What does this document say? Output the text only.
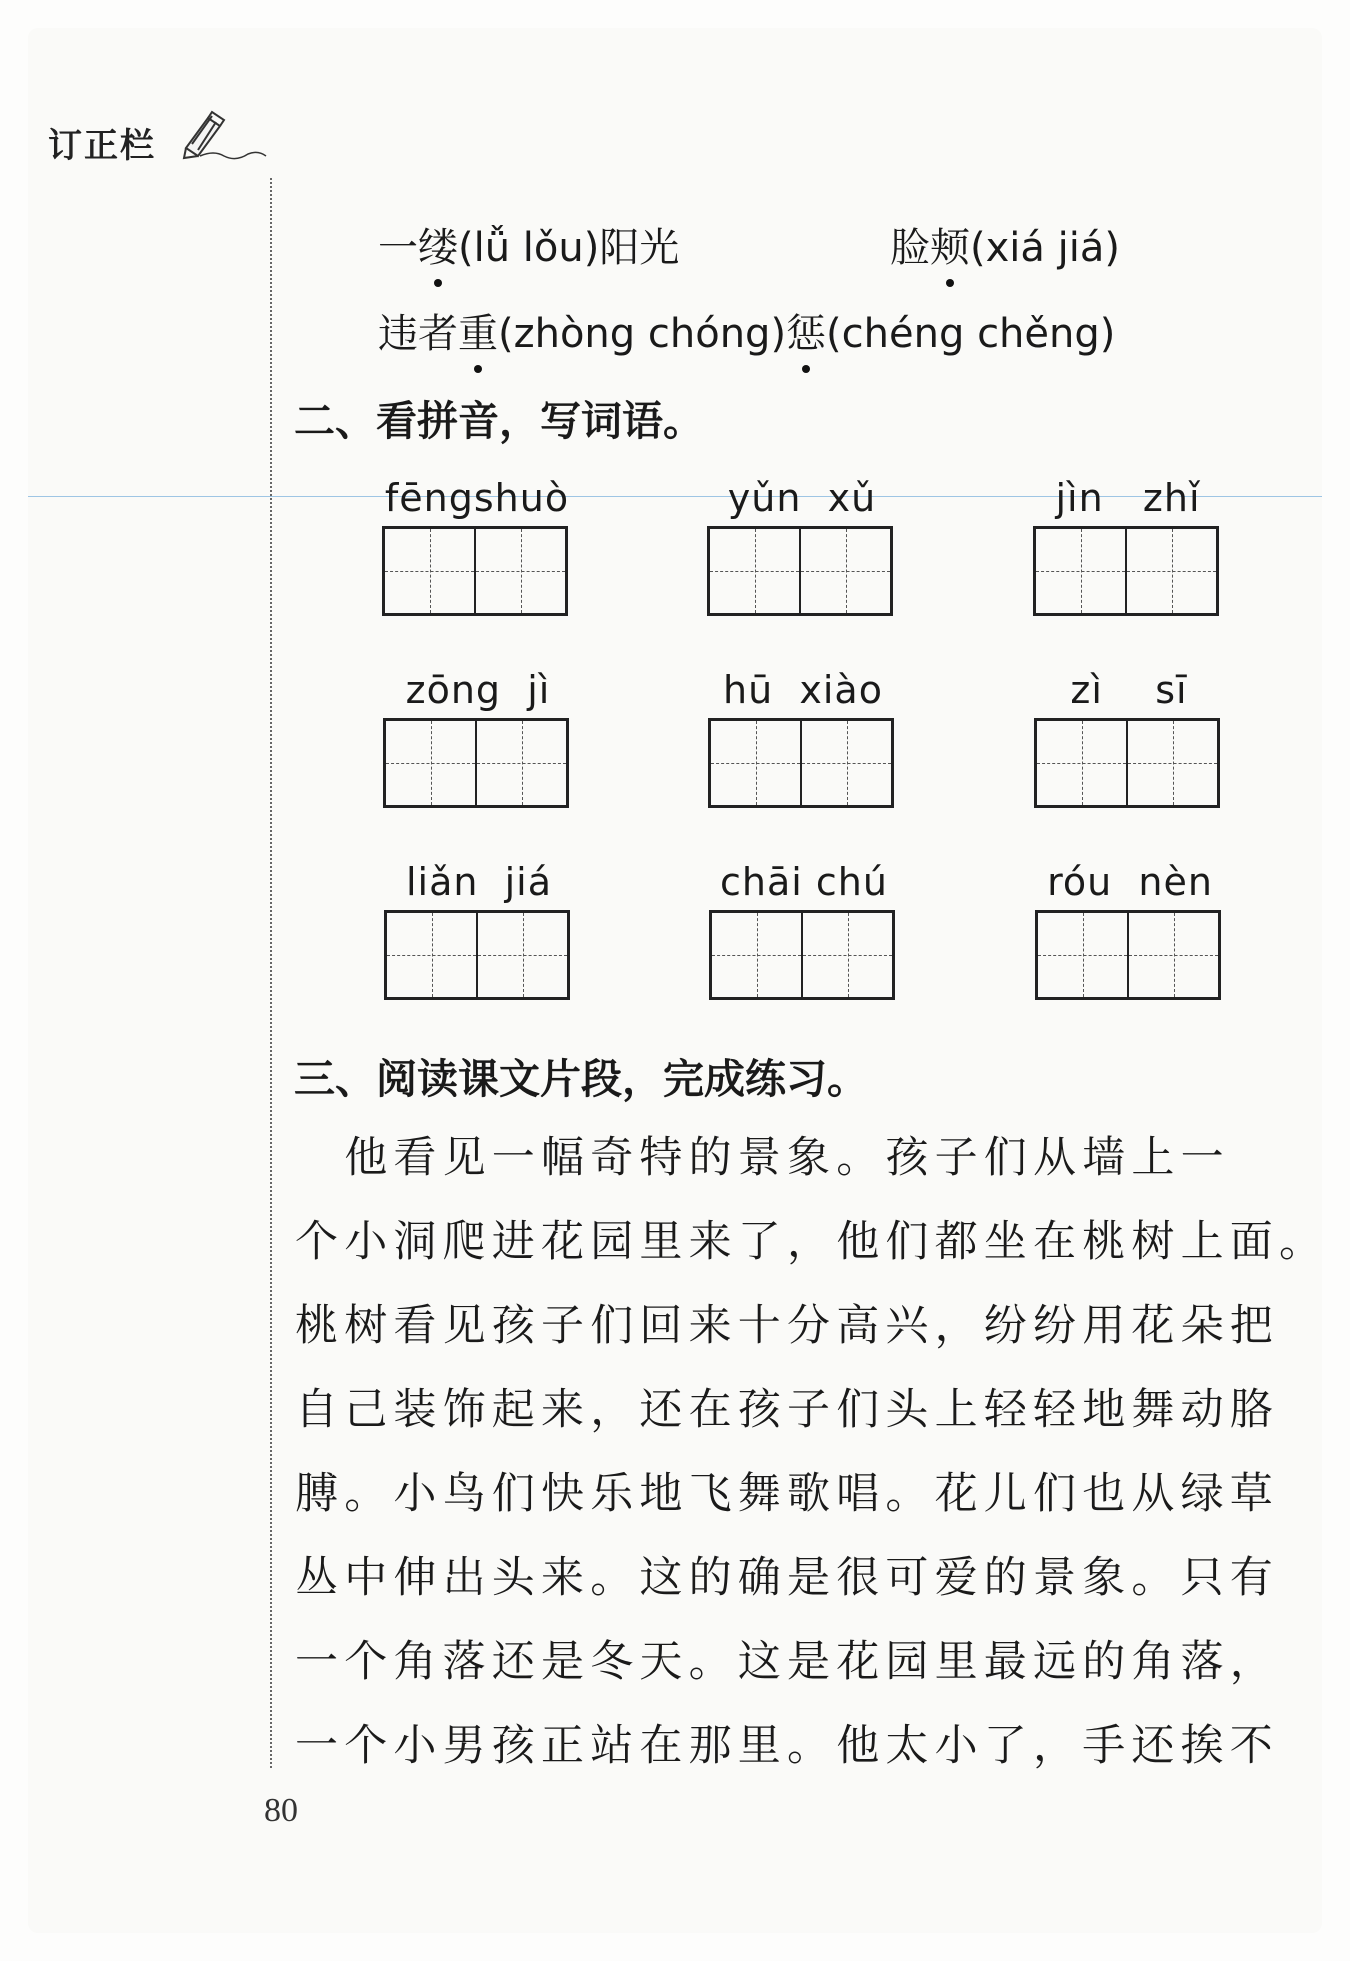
订正栏
一缕(lǚ lǒu)阳光	脸颊(xiá jiá)
违者重(zhòng chóng)惩(chéng chěng)
二、看拼音，写词语。
fēngshuò	yǔn  xǔ	jìn   zhǐ
zōng  jì	hū  xiào	zì    sī
liǎn  jiá	chāi chú	róu  nèn
三、阅读课文片段，完成练习。
　他看见一幅奇特的景象。孩子们从墙上一
个小洞爬进花园里来了，他们都坐在桃树上面。
桃树看见孩子们回来十分高兴，纷纷用花朵把
自己装饰起来，还在孩子们头上轻轻地舞动胳
膊。小鸟们快乐地飞舞歌唱。花儿们也从绿草
丛中伸出头来。这的确是很可爱的景象。只有
一个角落还是冬天。这是花园里最远的角落，
一个小男孩正站在那里。他太小了，手还挨不
80
